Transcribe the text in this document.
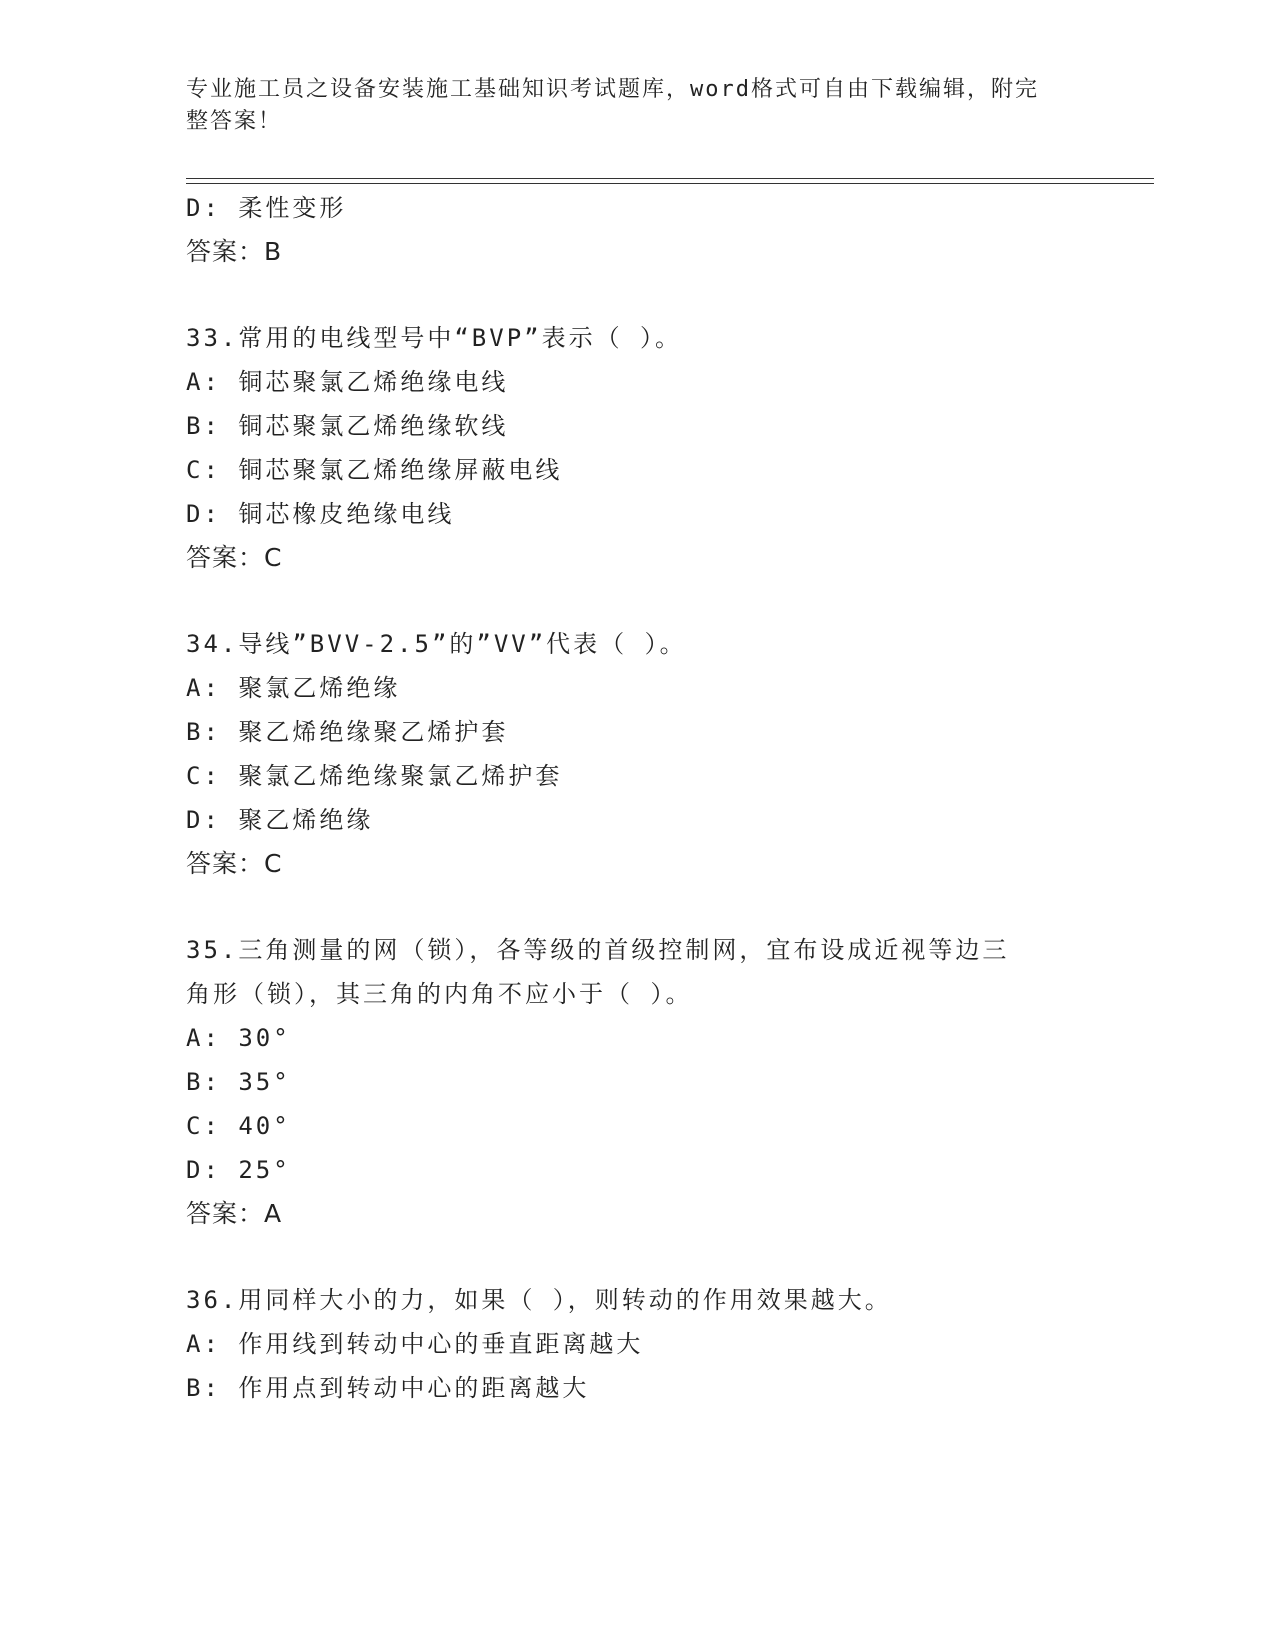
专业施工员之设备安装施工基础知识考试题库，word格式可自由下载编辑，附完
整答案！
D: 柔性变形
答案：B
33.常用的电线型号中“BVP”表示（ ）。
A: 铜芯聚氯乙烯绝缘电线
B: 铜芯聚氯乙烯绝缘软线
C: 铜芯聚氯乙烯绝缘屏蔽电线
D: 铜芯橡皮绝缘电线
答案：C
34.导线”BVV-2.5”的”VV”代表（ ）。
A: 聚氯乙烯绝缘
B: 聚乙烯绝缘聚乙烯护套
C: 聚氯乙烯绝缘聚氯乙烯护套
D: 聚乙烯绝缘
答案：C
35.三角测量的网（锁），各等级的首级控制网，宜布设成近视等边三
角形（锁），其三角的内角不应小于（ ）。
A: 30°
B: 35°
C: 40°
D: 25°
答案：A
36.用同样大小的力，如果（ ），则转动的作用效果越大。
A: 作用线到转动中心的垂直距离越大
B: 作用点到转动中心的距离越大
